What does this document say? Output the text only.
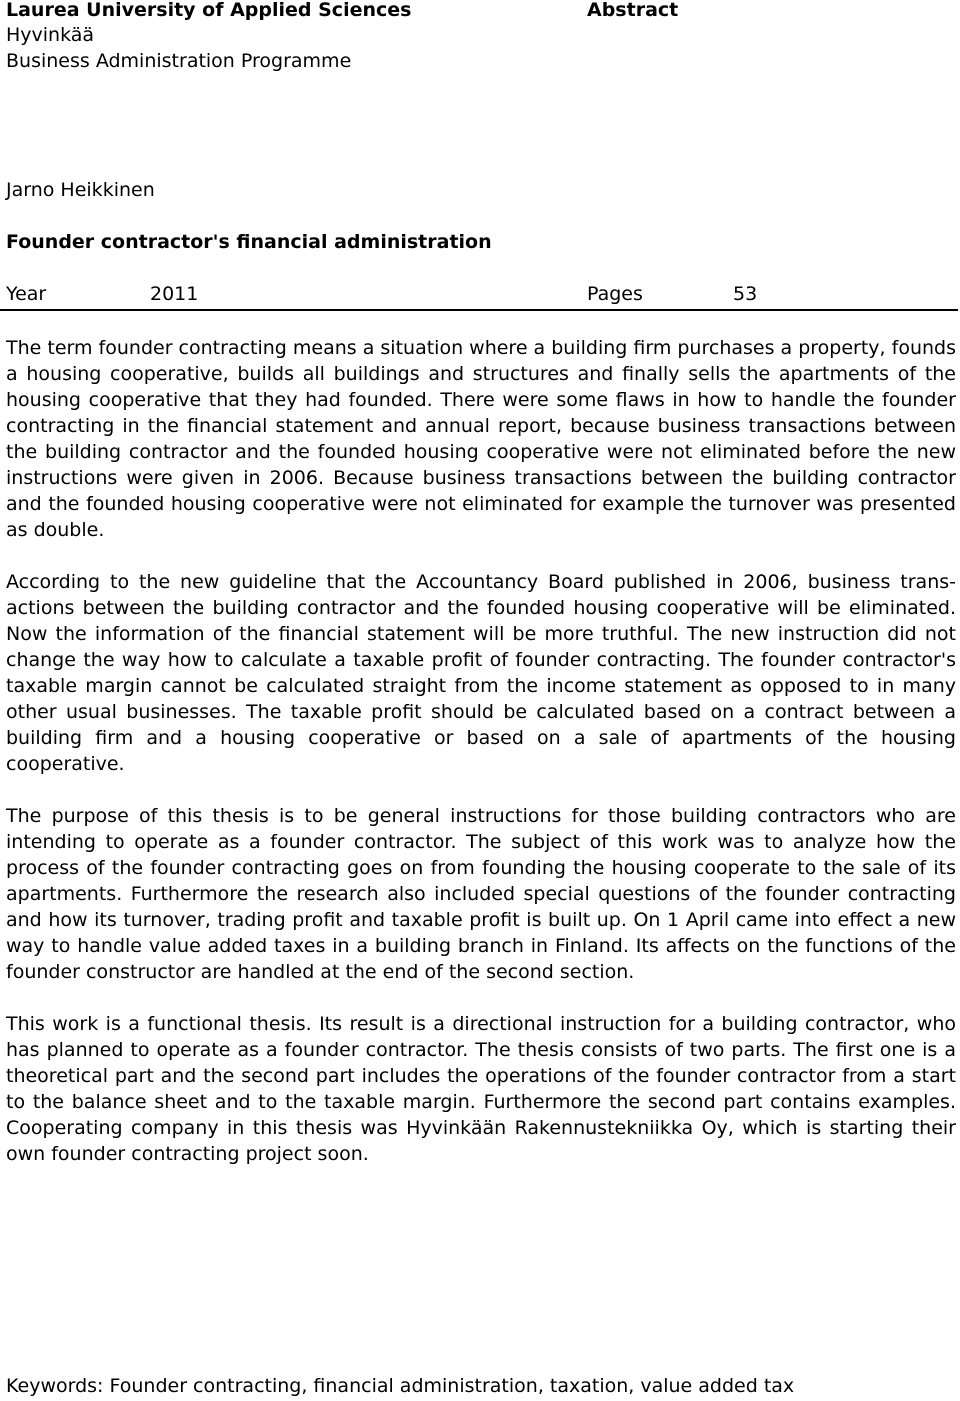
Laurea University of Applied Sciences	Abstract
Hyvinkää
Business Administration Programme
Jarno Heikkinen
Founder contractor's financial administration
Year	2011	Pages	53

The term founder contracting means a situation where a building firm purchases a property, founds a housing cooperative, builds all buildings and structures and finally sells the apartments of the housing cooperative that they had founded. There were some flaws in how to handle the founder contracting in the financial statement and annual report, because business transactions between the building contractor and the founded housing cooperative were not eliminated before the new instructions were given in 2006. Because business transactions between the building contractor and the founded housing cooperative were not eliminated for example the turnover was presented as double.

According to the new guideline that the Accountancy Board published in 2006, business transactions between the building contractor and the founded housing cooperative will be eliminated. Now the information of the financial statement will be more truthful. The new instruction did not change the way how to calculate a taxable profit of founder contracting. The founder contractor's taxable margin cannot be calculated straight from the income statement as opposed to in many other usual businesses. The taxable profit should be calculated based on a contract between a building firm and a housing cooperative or based on a sale of apartments of the housing cooperative.

The purpose of this thesis is to be general instructions for those building contractors who are intending to operate as a founder contractor. The subject of this work was to analyze how the process of the founder contracting goes on from founding the housing cooperate to the sale of its apartments. Furthermore the research also included special questions of the founder contracting and how its turnover, trading profit and taxable profit is built up. On 1 April came into effect a new way to handle value added taxes in a building branch in Finland. Its affects on the functions of the founder constructor are handled at the end of the second section.

This work is a functional thesis. Its result is a directional instruction for a building contractor, who has planned to operate as a founder contractor. The thesis consists of two parts. The first one is a theoretical part and the second part includes the operations of the founder contractor from a start to the balance sheet and to the taxable margin. Furthermore the second part contains examples. Cooperating company in this thesis was Hyvinkään Rakennustekniikka Oy, which is starting their own founder contracting project soon.

Keywords: Founder contracting, financial administration, taxation, value added tax
